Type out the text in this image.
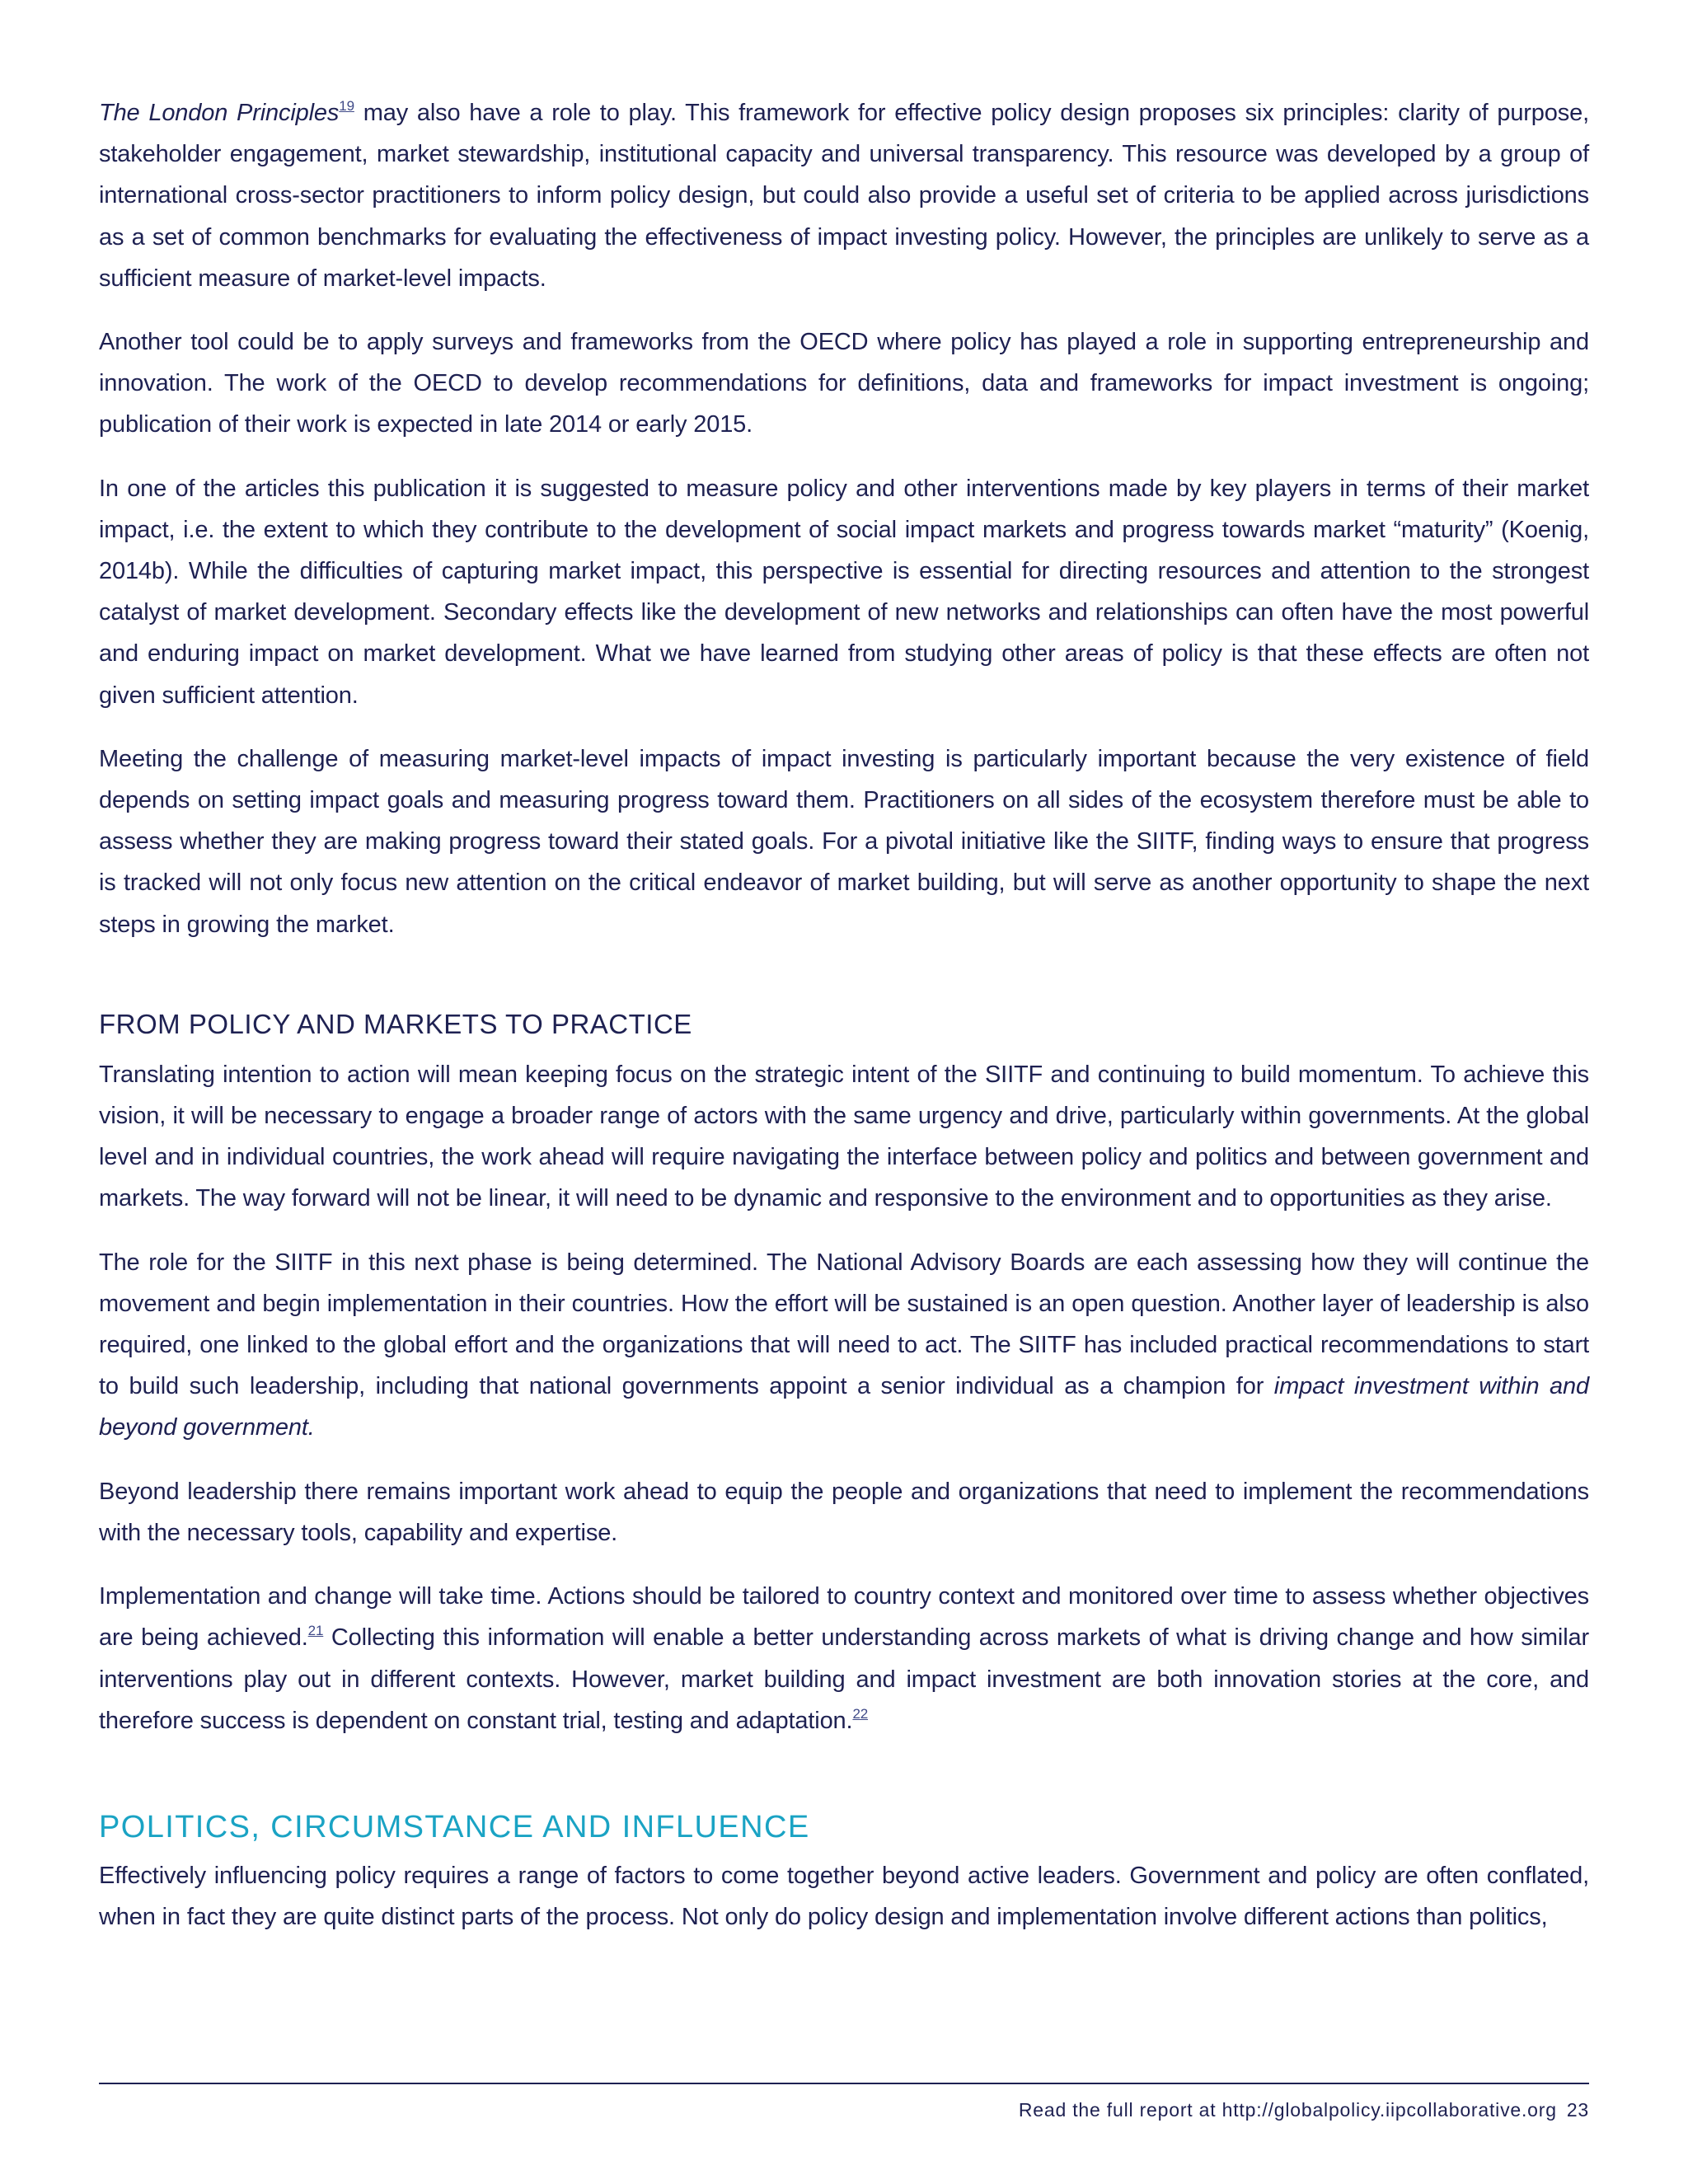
The London Principles$^{19}$ may also have a role to play. This framework for effective policy design proposes six principles: clarity of purpose, stakeholder engagement, market stewardship, institutional capacity and universal transparency. This resource was developed by a group of international cross-sector practitioners to inform policy design, but could also provide a useful set of criteria to be applied across jurisdictions as a set of common benchmarks for evaluating the effectiveness of impact investing policy. However, the principles are unlikely to serve as a sufficient measure of market-level impacts.

Another tool could be to apply surveys and frameworks from the OECD where policy has played a role in supporting entrepreneurship and innovation. The work of the OECD to develop recommendations for definitions, data and frameworks for impact investment is ongoing; publication of their work is expected in late 2014 or early 2015.

In one of the articles this publication it is suggested to measure policy and other interventions made by key players in terms of their market impact, i.e. the extent to which they contribute to the development of social impact markets and progress towards market “maturity” (Koenig, 2014b). While the difficulties of capturing market impact, this perspective is essential for directing resources and attention to the strongest catalyst of market development. Secondary effects like the development of new networks and relationships can often have the most powerful and enduring impact on market development. What we have learned from studying other areas of policy is that these effects are often not given sufficient attention.

Meeting the challenge of measuring market-level impacts of impact investing is particularly important because the very existence of field depends on setting impact goals and measuring progress toward them. Practitioners on all sides of the ecosystem therefore must be able to assess whether they are making progress toward their stated goals. For a pivotal initiative like the SIITF, finding ways to ensure that progress is tracked will not only focus new attention on the critical endeavor of market building, but will serve as another opportunity to shape the next steps in growing the market.

FROM POLICY AND MARKETS TO PRACTICE

Translating intention to action will mean keeping focus on the strategic intent of the SIITF and continuing to build momentum. To achieve this vision, it will be necessary to engage a broader range of actors with the same urgency and drive, particularly within governments. At the global level and in individual countries, the work ahead will require navigating the interface between policy and politics and between government and markets. The way forward will not be linear, it will need to be dynamic and responsive to the environment and to opportunities as they arise.

The role for the SIITF in this next phase is being determined. The National Advisory Boards are each assessing how they will continue the movement and begin implementation in their countries. How the effort will be sustained is an open question. Another layer of leadership is also required, one linked to the global effort and the organizations that will need to act. The SIITF has included practical recommendations to start to build such leadership, including that national governments appoint a senior individual as a champion for impact investment within and beyond government.

Beyond leadership there remains important work ahead to equip the people and organizations that need to implement the recommendations with the necessary tools, capability and expertise.

Implementation and change will take time. Actions should be tailored to country context and monitored over time to assess whether objectives are being achieved.$^{21}$ Collecting this information will enable a better understanding across markets of what is driving change and how similar interventions play out in different contexts. However, market building and impact investment are both innovation stories at the core, and therefore success is dependent on constant trial, testing and adaptation.$^{22}$

POLITICS, CIRCUMSTANCE AND INFLUENCE

Effectively influencing policy requires a range of factors to come together beyond active leaders. Government and policy are often conflated, when in fact they are quite distinct parts of the process. Not only do policy design and implementation involve different actions than politics,

Read the full report at http://globalpolicy.iipcollaborative.org 23
